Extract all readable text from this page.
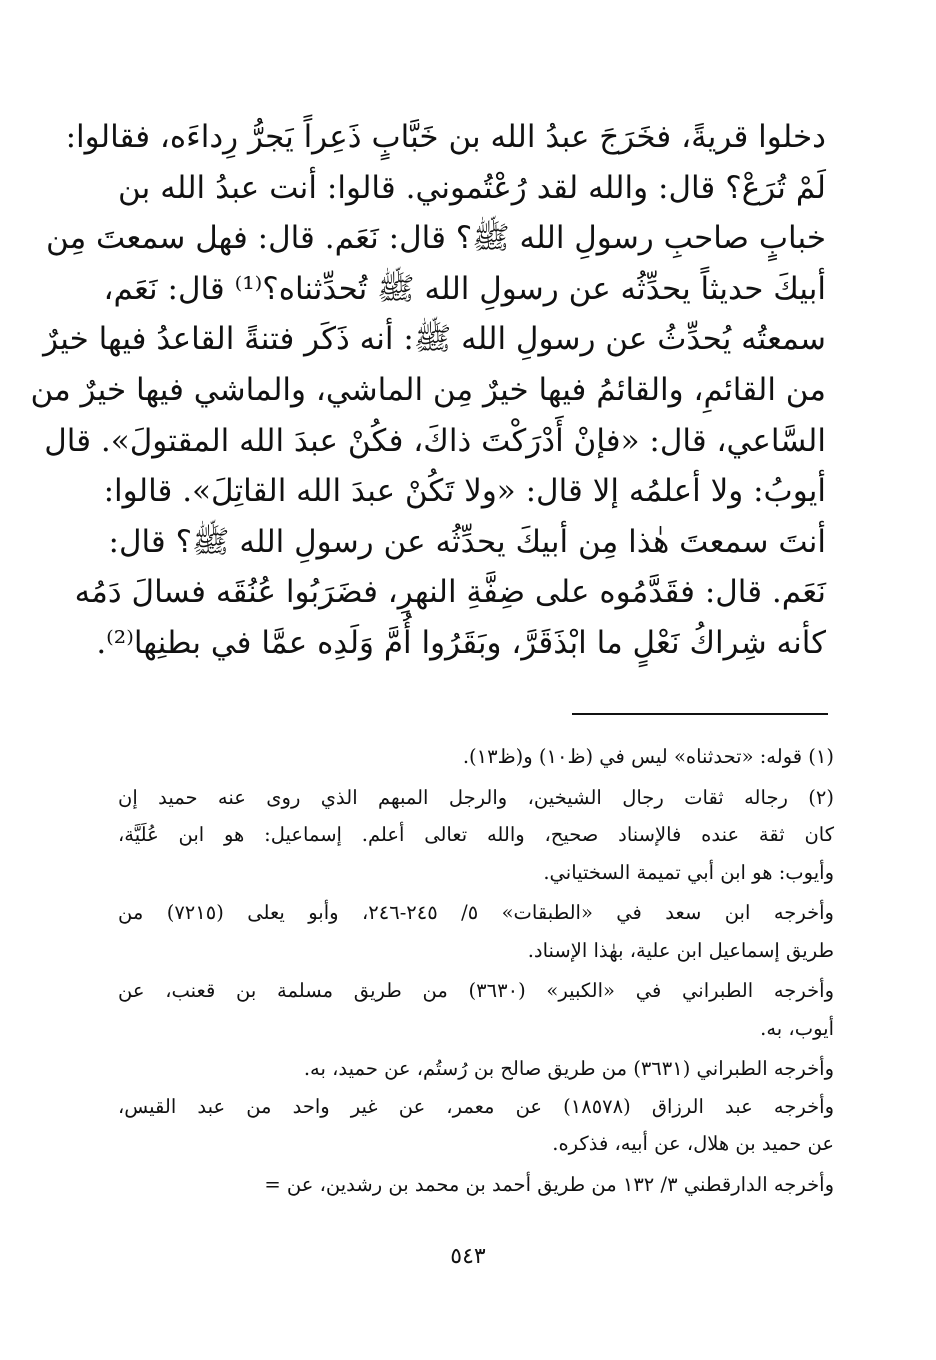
دخلوا قريةً، فخَرَجَ عبدُ الله بن خَبَّابٍ ذَعِراً يَجرُّ رِداءَه، فقالوا:
لَمْ تُرَعْ؟ قال: والله لقد رُعْتُموني. قالوا: أنت عبدُ الله بن
خبابٍ صاحبِ رسولِ الله ﷺ؟ قال: نَعَم. قال: فهل سمعتَ مِن
أبيكَ حديثاً يحدِّثُه عن رسولِ الله ﷺ تُحدِّثناه؟⁽¹⁾ قال: نَعَم،
سمعتُه يُحدِّثُ عن رسولِ الله ﷺ: أنه ذَكَر فتنةً القاعدُ فيها خيرٌ
من القائمِ، والقائمُ فيها خيرٌ مِن الماشي، والماشي فيها خيرٌ من
السَّاعي، قال: «فإنْ أَدْرَكْتَ ذاكَ، فكُنْ عبدَ الله المقتولَ». قال
أيوبُ: ولا أعلمُه إلا قال: «ولا تَكُنْ عبدَ الله القاتِلَ». قالوا:
أنتَ سمعتَ هٰذا مِن أبيكَ يحدِّثُه عن رسولِ الله ﷺ؟ قال:
نَعَم. قال: فقَدَّمُوه على ضِفَّةِ النهرِ، فضَرَبُوا عُنُقَه فسالَ دَمُه
كأنه شِراكُ نَعْلٍ ما ابْذَقَرَّ، وبَقَرُوا أُمَّ وَلَدِه عمَّا في بطنِها⁽²⁾.
(١) قوله: «تحدثناه» ليس في (ظ١٠) و(ظ١٣).
(٢) رجاله ثقات رجال الشيخين، والرجل المبهم الذي روى عنه حميد إن
كان ثقة عنده فالإسناد صحيح، والله تعالى أعلم. إسماعيل: هو ابن عُلَيَّة،
وأيوب: هو ابن أبي تميمة السختياني.
وأخرجه ابن سعد في «الطبقات» ٥/ ٢٤٥-٢٤٦، وأبو يعلى (٧٢١٥) من
طريق إسماعيل ابن علية، بهٰذا الإسناد.
وأخرجه الطبراني في «الكبير» (٣٦٣٠) من طريق مسلمة بن قعنب، عن
أيوب، به.
وأخرجه الطبراني (٣٦٣١) من طريق صالح بن رُستُم، عن حميد، به.
وأخرجه عبد الرزاق (١٨٥٧٨) عن معمر، عن غير واحد من عبد القيس،
عن حميد بن هلال، عن أبيه، فذكره.
وأخرجه الدارقطني ٣/ ١٣٢ من طريق أحمد بن محمد بن رشدين، عن =
٥٤٣
